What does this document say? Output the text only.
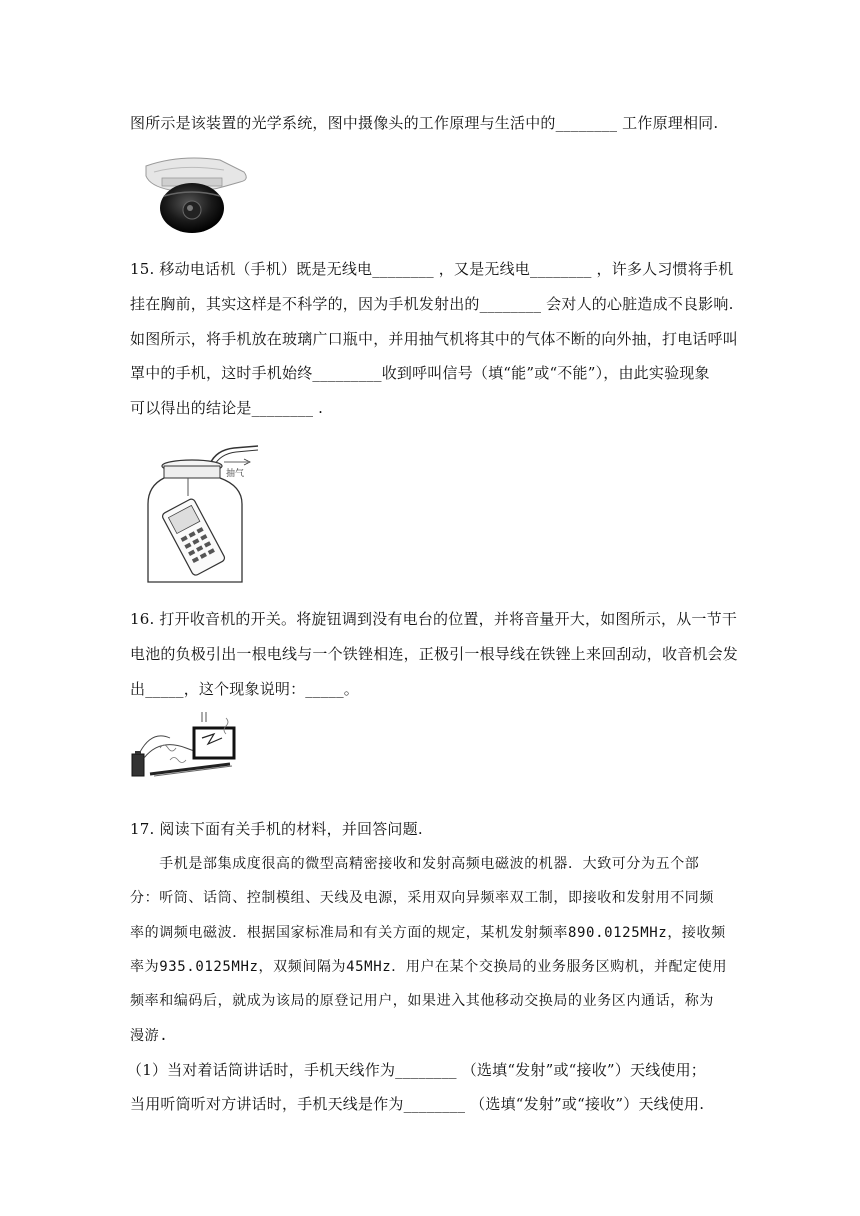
图所示是该装置的光学系统，图中摄像头的工作原理与生活中的________ 工作原理相同.
15. 移动电话机（手机）既是无线电________ ，又是无线电________ ，许多人习惯将手机
挂在胸前，其实这样是不科学的，因为手机发射出的________ 会对人的心脏造成不良影响.
如图所示，将手机放在玻璃广口瓶中，并用抽气机将其中的气体不断的向外抽，打电话呼叫
罩中的手机，这时手机始终_________收到呼叫信号（填“能”或“不能”），由此实验现象
可以得出的结论是________ .
抽气
16. 打开收音机的开关。将旋钮调到没有电台的位置，并将音量开大，如图所示，从一节干
电池的负极引出一根电线与一个铁锉相连，正极引一根导线在铁锉上来回刮动，收音机会发
出_____，这个现象说明：_____。
17. 阅读下面有关手机的材料，并回答问题.
　　手机是部集成度很高的微型高精密接收和发射高频电磁波的机器．大致可分为五个部
分：听筒、话筒、控制模组、天线及电源，采用双向异频率双工制，即接收和发射用不同频
率的调频电磁波．根据国家标准局和有关方面的规定，某机发射频率890.0125MHz，接收频
率为935.0125MHz，双频间隔为45MHz．用户在某个交换局的业务服务区购机，并配定使用
频率和编码后，就成为该局的原登记用户，如果进入其他移动交换局的业务区内通话，称为
漫游.
（1）当对着话筒讲话时，手机天线作为________ （选填“发射”或“接收”）天线使用；
当用听筒听对方讲话时，手机天线是作为________ （选填“发射”或“接收”）天线使用.
